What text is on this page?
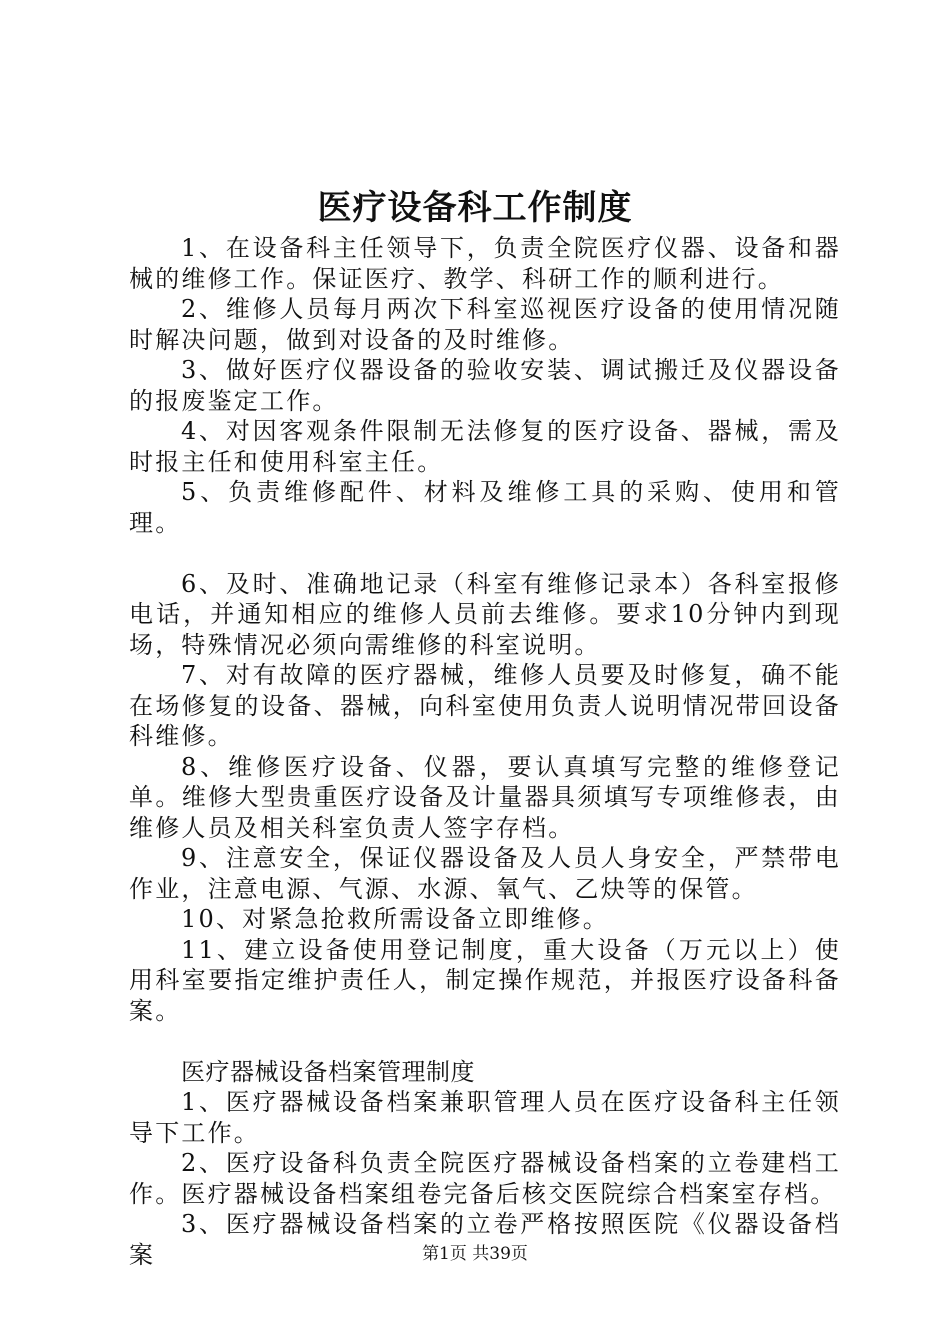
医疗设备科工作制度

1、在设备科主任领导下，负责全院医疗仪器、设备和器械的维修工作。保证医疗、教学、科研工作的顺利进行。

2、维修人员每月两次下科室巡视医疗设备的使用情况随时解决问题，做到对设备的及时维修。

3、做好医疗仪器设备的验收安装、调试搬迁及仪器设备的报废鉴定工作。

4、对因客观条件限制无法修复的医疗设备、器械，需及时报主任和使用科室主任。

5、负责维修配件、材料及维修工具的采购、使用和管理。

6、及时、准确地记录（科室有维修记录本）各科室报修电话，并通知相应的维修人员前去维修。要求10分钟内到现场，特殊情况必须向需维修的科室说明。

7、对有故障的医疗器械，维修人员要及时修复，确不能在场修复的设备、器械，向科室使用负责人说明情况带回设备科维修。

8、维修医疗设备、仪器，要认真填写完整的维修登记单。维修大型贵重医疗设备及计量器具须填写专项维修表，由维修人员及相关科室负责人签字存档。

9、注意安全，保证仪器设备及人员人身安全，严禁带电作业，注意电源、气源、水源、氧气、乙炔等的保管。

10、对紧急抢救所需设备立即维修。

11、建立设备使用登记制度，重大设备（万元以上）使用科室要指定维护责任人，制定操作规范，并报医疗设备科备案。

医疗器械设备档案管理制度

1、医疗器械设备档案兼职管理人员在医疗设备科主任领导下工作。

2、医疗设备科负责全院医疗器械设备档案的立卷建档工作。医疗器械设备档案组卷完备后核交医院综合档案室存档。

3、医疗器械设备档案的立卷严格按照医院《仪器设备档案	第1页 共39页
